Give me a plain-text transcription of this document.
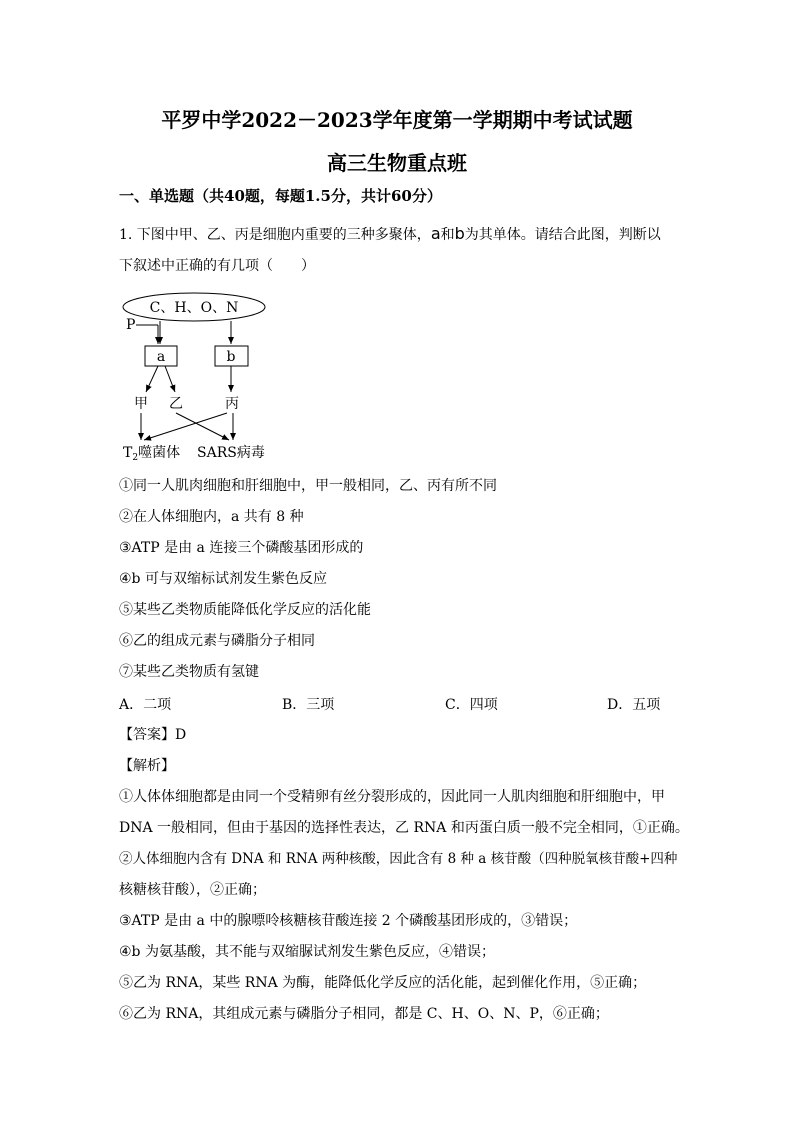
平罗中学2022－2023学年度第一学期期中考试试题
高三生物重点班
一、单选题（共40题，每题1.5分，共计60分）
1. 下图中甲、乙、丙是细胞内重要的三种多聚体，a和b为其单体。请结合此图，判断以
下叙述中正确的有几项（　　）
C、H、O、N
P
a	b
甲 乙	丙
$T_2$噬菌体 SARS病毒
①同一人肌肉细胞和肝细胞中，甲一般相同，乙、丙有所不同
②在人体细胞内，a 共有 8 种
③ATP 是由 a 连接三个磷酸基团形成的
④b 可与双缩标试剂发生紫色反应
⑤某些乙类物质能降低化学反应的活化能
⑥乙的组成元素与磷脂分子相同
⑦某些乙类物质有氢键
A．二项	B．三项	C．四项	D．五项
【答案】D
【解析】
①人体体细胞都是由同一个受精卵有丝分裂形成的，因此同一人肌肉细胞和肝细胞中，甲
DNA 一般相同，但由于基因的选择性表达，乙 RNA 和丙蛋白质一般不完全相同，①正确。
②人体细胞内含有 DNA 和 RNA 两种核酸，因此含有 8 种 a 核苷酸（四种脱氧核苷酸+四种
核糖核苷酸），②正确；
③ATP 是由 a 中的腺嘌呤核糖核苷酸连接 2 个磷酸基团形成的，③错误；
④b 为氨基酸，其不能与双缩脲试剂发生紫色反应，④错误；
⑤乙为 RNA，某些 RNA 为酶，能降低化学反应的活化能，起到催化作用，⑤正确；
⑥乙为 RNA，其组成元素与磷脂分子相同，都是 C、H、O、N、P，⑥正确；
